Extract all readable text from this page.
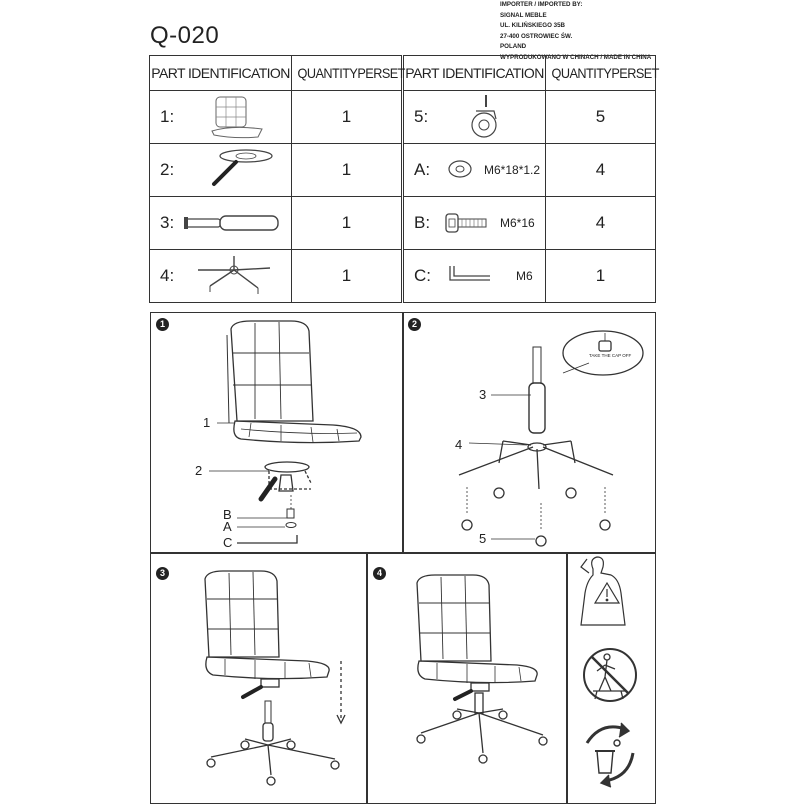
Q-020
IMPORTER / IMPORTED BY:
SIGNAL MEBLE
UL. KILIŃSKIEGO 35B
27-400 OSTROWIEC ŚW.
POLAND
WYPRODUKOWANO W CHINACH / MADE IN CHINA
PART IDENTIFICATION	QUANTITYPERSET	PART IDENTIFICATION	QUANTITYPERSET

1:	1	5:	5

2:	1	A: M6*18*1.2	4

3:	1	B: M6*16	4

4:	1	C: M6	1
1
1
2
B
A
C
2
TAKE THE CAP OFF
3
4
5
3	4
